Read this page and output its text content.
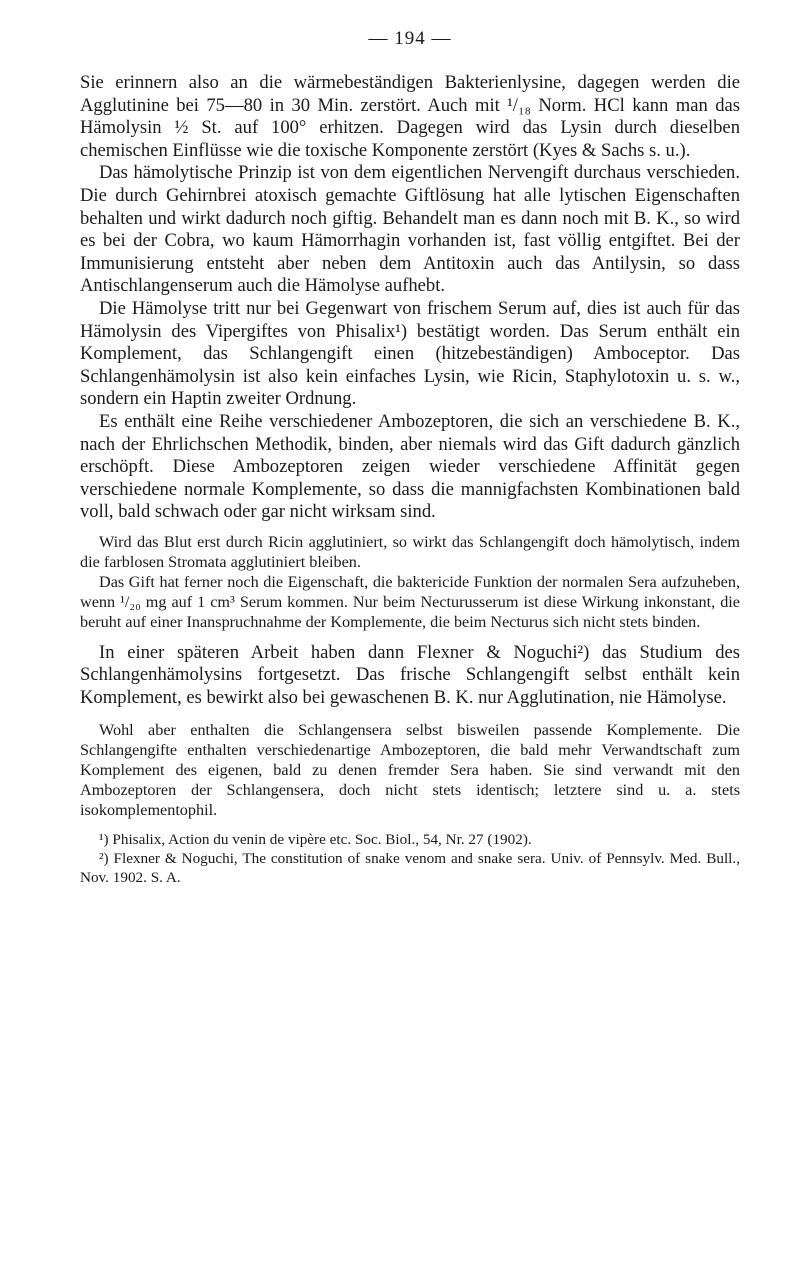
— 194 —

Sie erinnern also an die wärmebeständigen Bakterienlysine, dagegen werden die Agglutinine bei 75—80 in 30 Min. zerstört. Auch mit ¹/₁₈ Norm. HCl kann man das Hämolysin ½ St. auf 100° erhitzen. Dagegen wird das Lysin durch dieselben chemischen Einflüsse wie die toxische Komponente zerstört (Kyes & Sachs s. u.).

Das hämolytische Prinzip ist von dem eigentlichen Nervengift durchaus verschieden. Die durch Gehirnbrei atoxisch gemachte Giftlösung hat alle lytischen Eigenschaften behalten und wirkt dadurch noch giftig. Behandelt man es dann noch mit B. K., so wird es bei der Cobra, wo kaum Hämorrhagin vorhanden ist, fast völlig entgiftet. Bei der Immunisierung entsteht aber neben dem Antitoxin auch das Antilysin, so dass Antischlangenserum auch die Hämolyse aufhebt.

Die Hämolyse tritt nur bei Gegenwart von frischem Serum auf, dies ist auch für das Hämolysin des Vipergiftes von Phisalix¹) bestätigt worden. Das Serum enthält ein Komplement, das Schlangengift einen (hitzebeständigen) Amboceptor. Das Schlangenhämolysin ist also kein einfaches Lysin, wie Ricin, Staphylotoxin u. s. w., sondern ein Haptin zweiter Ordnung.

Es enthält eine Reihe verschiedener Ambozeptoren, die sich an verschiedene B. K., nach der Ehrlichschen Methodik, binden, aber niemals wird das Gift dadurch gänzlich erschöpft. Diese Ambozeptoren zeigen wieder verschiedene Affinität gegen verschiedene normale Komplemente, so dass die mannigfachsten Kombinationen bald voll, bald schwach oder gar nicht wirksam sind.

Wird das Blut erst durch Ricin agglutiniert, so wirkt das Schlangengift doch hämolytisch, indem die farblosen Stromata agglutiniert bleiben.

Das Gift hat ferner noch die Eigenschaft, die baktericide Funktion der normalen Sera aufzuheben, wenn ¹/₂₀ mg auf 1 cm³ Serum kommen. Nur beim Necturusserum ist diese Wirkung inkonstant, die beruht auf einer Inanspruchnahme der Komplemente, die beim Necturus sich nicht stets binden.

In einer späteren Arbeit haben dann Flexner & Noguchi²) das Studium des Schlangenhämolysins fortgesetzt. Das frische Schlangengift selbst enthält kein Komplement, es bewirkt also bei gewaschenen B. K. nur Agglutination, nie Hämolyse.

Wohl aber enthalten die Schlangensera selbst bisweilen passende Komplemente. Die Schlangengifte enthalten verschiedenartige Ambozeptoren, die bald mehr Verwandtschaft zum Komplement des eigenen, bald zu denen fremder Sera haben. Sie sind verwandt mit den Ambozeptoren der Schlangensera, doch nicht stets identisch; letztere sind u. a. stets isokomplementophil.

¹) Phisalix, Action du venin de vipère etc. Soc. Biol., 54, Nr. 27 (1902).

²) Flexner & Noguchi, The constitution of snake venom and snake sera. Univ. of Pennsylv. Med. Bull., Nov. 1902. S. A.
